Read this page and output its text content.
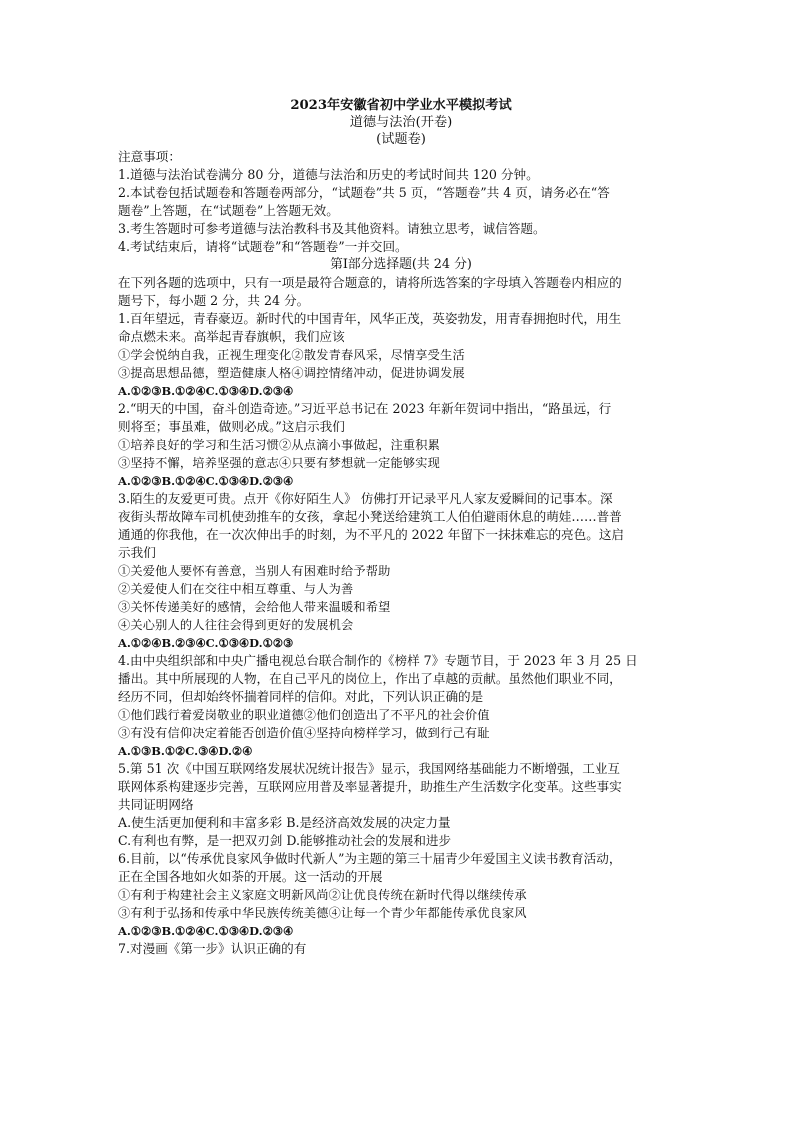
2023年安徽省初中学业水平模拟考试
道德与法治(开卷)
(试题卷)
注意事项：
1.道德与法治试卷满分 80 分，道德与法治和历史的考试时间共 120 分钟。
2.本试卷包括试题卷和答题卷两部分，“试题卷”共 5 页，“答题卷”共 4 页，请务必在“答
题卷”上答题，在“试题卷”上答题无效。
3.考生答题时可参考道德与法治教科书及其他资料。请独立思考，诚信答题。
4.考试结束后，请将“试题卷”和“答题卷”一并交回。
第Ⅰ部分选择题(共 24 分)
在下列各题的选项中，只有一项是最符合题意的，请将所选答案的字母填入答题卷内相应的
题号下，每小题 2 分，共 24 分。
1.百年望远，青春豪迈。新时代的中国青年，风华正茂，英姿勃发，用青春拥抱时代，用生
命点燃未来。高举起青春旗帜，我们应该
①学会悦纳自我，正视生理变化②散发青春风采，尽情享受生活
③提高思想品德，塑造健康人格④调控情绪冲动，促进协调发展
A.①②③B.①②④C.①③④D.②③④
2.“明天的中国，奋斗创造奇迹。”习近平总书记在 2023 年新年贺词中指出，“路虽远，行
则将至；事虽难，做则必成。”这启示我们
①培养良好的学习和生活习惯②从点滴小事做起，注重积累
③坚持不懈，培养坚强的意志④只要有梦想就一定能够实现
A.①②③B.①②④C.①③④D.②③④
3.陌生的友爱更可贵。点开《你好陌生人》 仿佛打开记录平凡人家友爱瞬间的记事本。深
夜街头帮故障车司机使劲推车的女孩，拿起小凳送给建筑工人伯伯避雨休息的萌娃……普普
通通的你我他，在一次次伸出手的时刻，为不平凡的 2022 年留下一抹抹难忘的亮色。这启
示我们
①关爱他人要怀有善意，当别人有困难时给予帮助
②关爱使人们在交往中相互尊重、与人为善
③关怀传递美好的感情，会给他人带来温暖和希望
④关心别人的人往往会得到更好的发展机会
A.①②④B.②③④C.①③④D.①②③
4.由中央组织部和中央广播电视总台联合制作的《榜样 7》专题节目，于 2023 年 3 月 25 日
播出。其中所展现的人物，在自己平凡的岗位上，作出了卓越的贡献。虽然他们职业不同，
经历不同，但却始终怀揣着同样的信仰。对此，下列认识正确的是
①他们践行着爱岗敬业的职业道德②他们创造出了不平凡的社会价值
③有没有信仰决定着能否创造价值④坚持向榜样学习，做到行己有耻
A.①③B.①②C.③④D.②④
5.第 51 次《中国互联网络发展状况统计报告》显示，我国网络基础能力不断增强，工业互
联网体系构建逐步完善，互联网应用普及率显著提升，助推生产生活数字化变革。这些事实
共同证明网络
A.使生活更加便利和丰富多彩 B.是经济高效发展的决定力量
C.有利也有弊，是一把双刃剑 D.能够推动社会的发展和进步
6.目前，以“传承优良家风争做时代新人”为主题的第三十届青少年爱国主义读书教育活动，
正在全国各地如火如荼的开展。这一活动的开展
①有利于构建社会主义家庭文明新风尚②让优良传统在新时代得以继续传承
③有利于弘扬和传承中华民族传统美德④让每一个青少年都能传承优良家风
A.①②③B.①②④C.①③④D.②③④
7.对漫画《第一步》认识正确的有
